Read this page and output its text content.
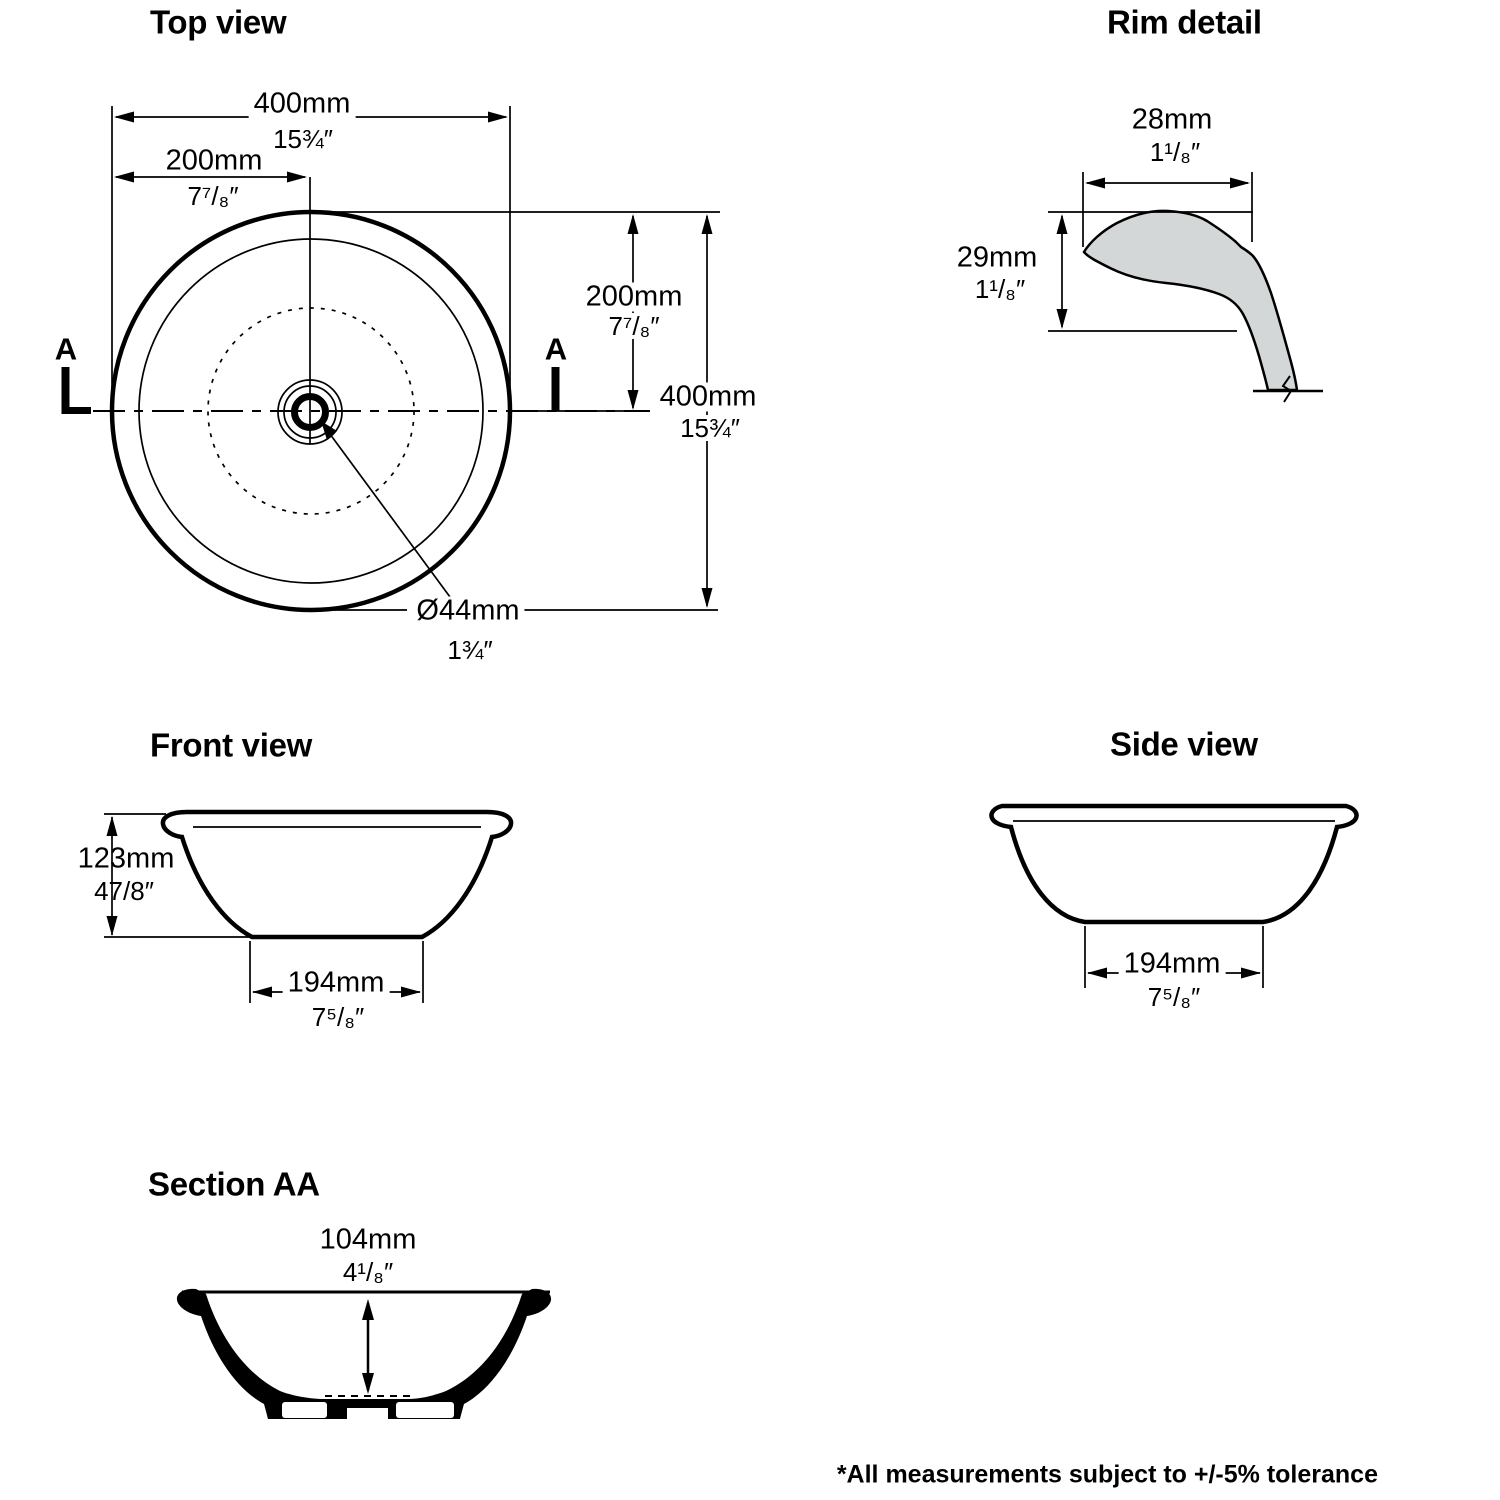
Top view
400mm
15¾″
200mm
7⁷/₈″
200mm
7⁷/₈″
400mm
15¾″
Ø44mm
1¾″
A	A
Rim detail
28mm
1¹/₈″
29mm
1¹/₈″
Front view
123mm
47/8″
194mm
7⁵/₈″
Side view
194mm
7⁵/₈″
Section AA
104mm
4¹/₈″
*All measurements subject to +/-5% tolerance
